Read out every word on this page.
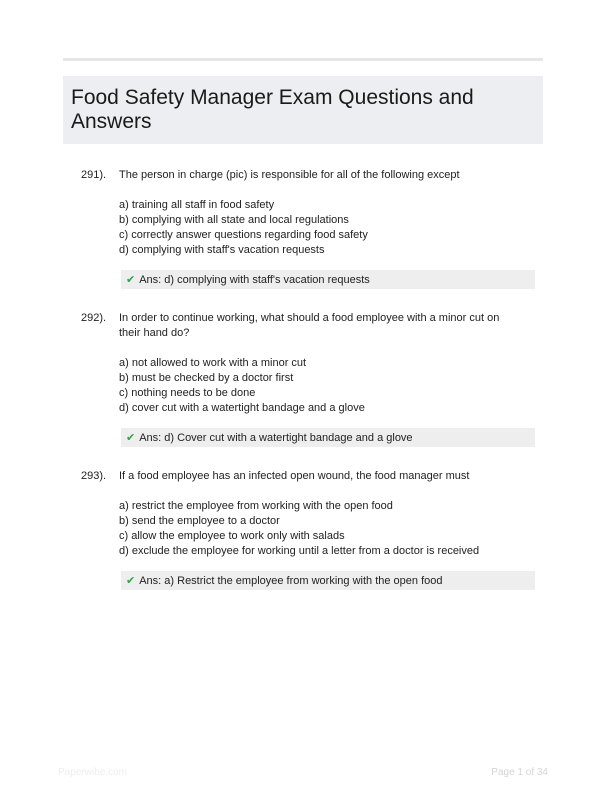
Food Safety Manager Exam Questions and Answers
291).	The person in charge (pic) is responsible for all of the following except
a) training all staff in food safety
b) complying with all state and local regulations
c) correctly answer questions regarding food safety
d) complying with staff's vacation requests
✔ Ans: d) complying with staff's vacation requests
292).	In order to continue working, what should a food employee with a minor cut on their hand do?
a) not allowed to work with a minor cut
b) must be checked by a doctor first
c) nothing needs to be done
d) cover cut with a watertight bandage and a glove
✔ Ans: d) Cover cut with a watertight bandage and a glove
293).	If a food employee has an infected open wound, the food manager must
a) restrict the employee from working with the open food
b) send the employee to a doctor
c) allow the employee to work only with salads
d) exclude the employee for working until a letter from a doctor is received
✔ Ans: a) Restrict the employee from working with the open food
Paperwibe.com	Page 1 of 34
